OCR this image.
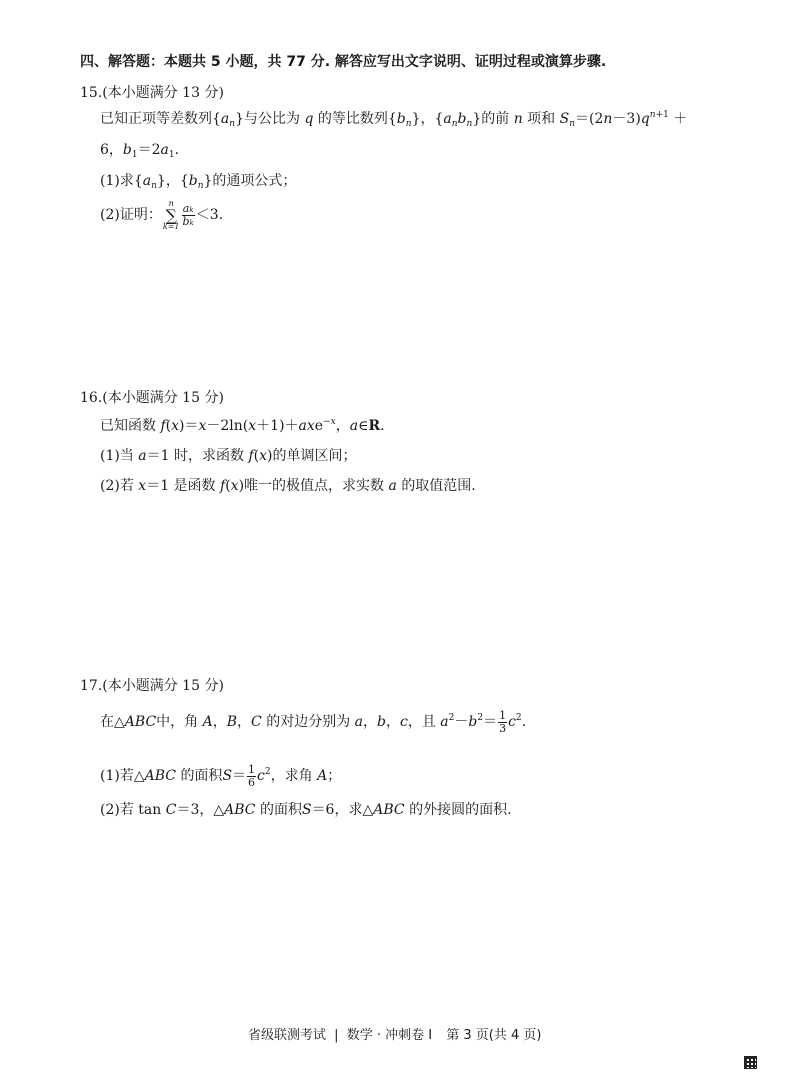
四、解答题：本题共 5 小题，共 77 分. 解答应写出文字说明、证明过程或演算步骤.
15.(本小题满分 13 分)
已知正项等差数列$\{a_n\}$与公比为 q 的等比数列$\{b_n\}$，$\{a_nb_n\}$的前 n 项和 $S_n=(2n-3)q^{n+1}$ ＋
6，$b_1=2a_1$.
(1)求$\{a_n\}$，$\{b_n\}$的通项公式；
(2)证明：
n
∑
$k=1 \frac{ak}{bk} <3$.
16.(本小题满分 15 分)
已知函数 f(x)＝x－2ln(x＋1)＋axe$^{-x}$，a∈R.
(1)当 a＝1 时，求函数 f(x)的单调区间；
(2)若 x＝1 是函数 f(x)唯一的极值点，求实数 a 的取值范围.
17.(本小题满分 15 分)
在△ABC中，角 A，B，C 的对边分别为 a，b，c，且 $a^2-b^2= \frac{1}{3} c^2$.
(1)若△ABC 的面积$S= \frac{1}{6} c^2$，求角 A；
(2)若 tan C＝3，△ABC 的面积S＝6，求△ABC 的外接圆的面积.
省级联测考试 | 数学 · 冲刺卷 Ⅰ 第 3 页(共 4 页)
